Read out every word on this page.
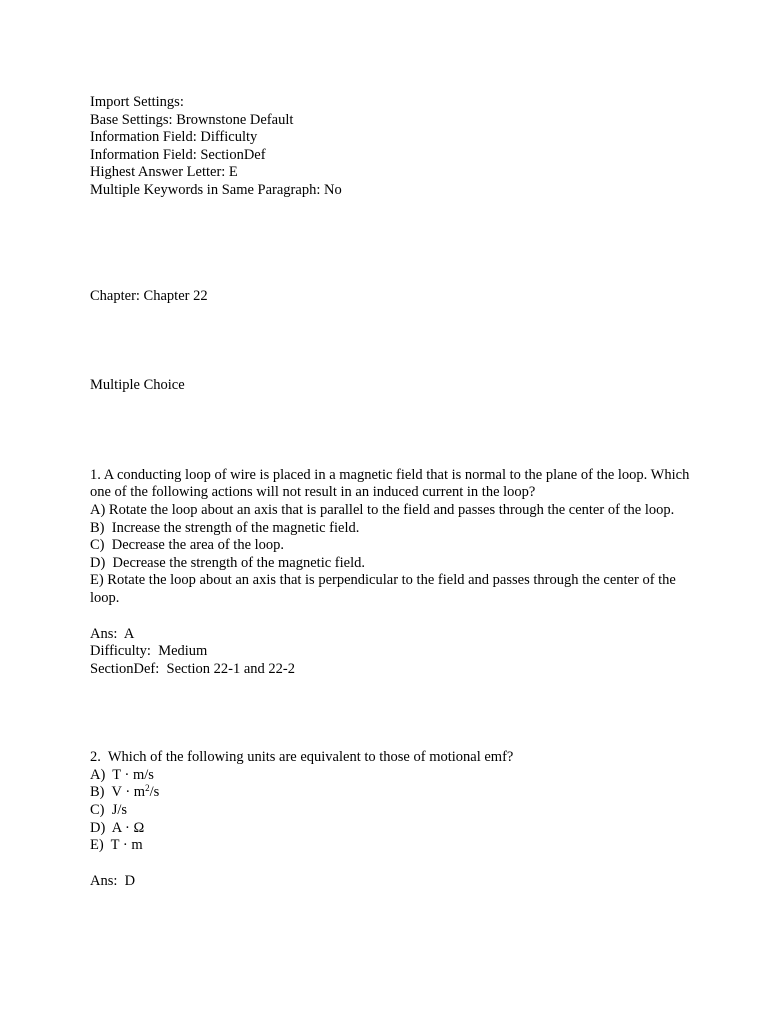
Import Settings:
Base Settings: Brownstone Default
Information Field: Difficulty
Information Field: SectionDef
Highest Answer Letter: E
Multiple Keywords in Same Paragraph: No
Chapter: Chapter 22
Multiple Choice
1. A conducting loop of wire is placed in a magnetic field that is normal to the plane of the loop. Which one of the following actions will not result in an induced current in the loop?
A) Rotate the loop about an axis that is parallel to the field and passes through the center of the loop.
B)  Increase the strength of the magnetic field.
C)  Decrease the area of the loop.
D)  Decrease the strength of the magnetic field.
E) Rotate the loop about an axis that is perpendicular to the field and passes through the center of the loop.
Ans:  A
Difficulty:  Medium
SectionDef:  Section 22-1 and 22-2
2.  Which of the following units are equivalent to those of motional emf?
A)  T · m/s
B)  $V \cdot m^2/s$
C)  J/s
D)  A · Ω
E)  T · m
Ans:  D
